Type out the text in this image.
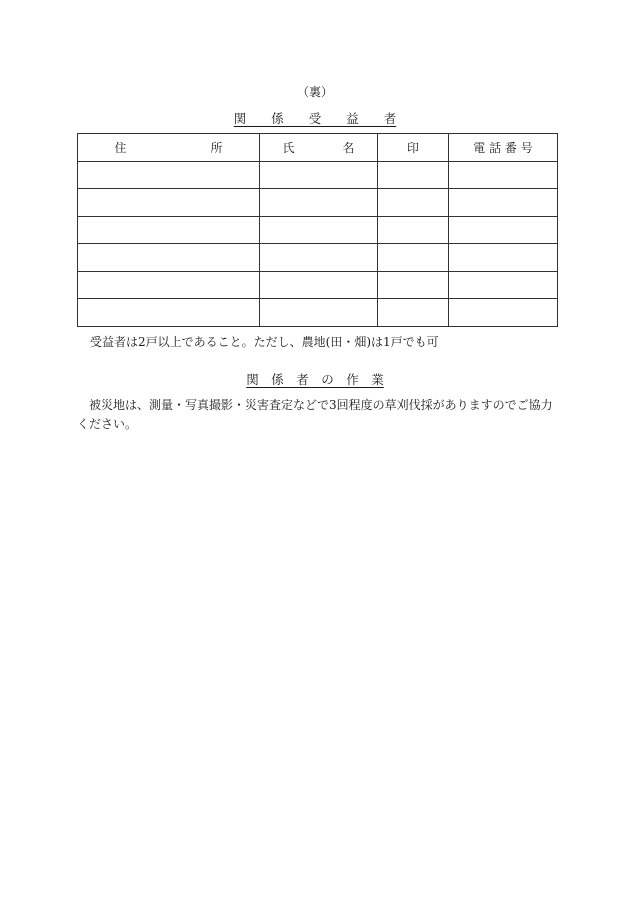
（裏）
関　　係　　受　　益　　者
住　　　　　　　所	氏　　　　名	印	電 話 番 号

受益者は2戸以上であること。ただし、農地(田・畑)は1戸でも可
関　係　者　の　作　業
被災地は、測量・写真撮影・災害査定などで3回程度の草刈伐採がありますのでご協力ください。
